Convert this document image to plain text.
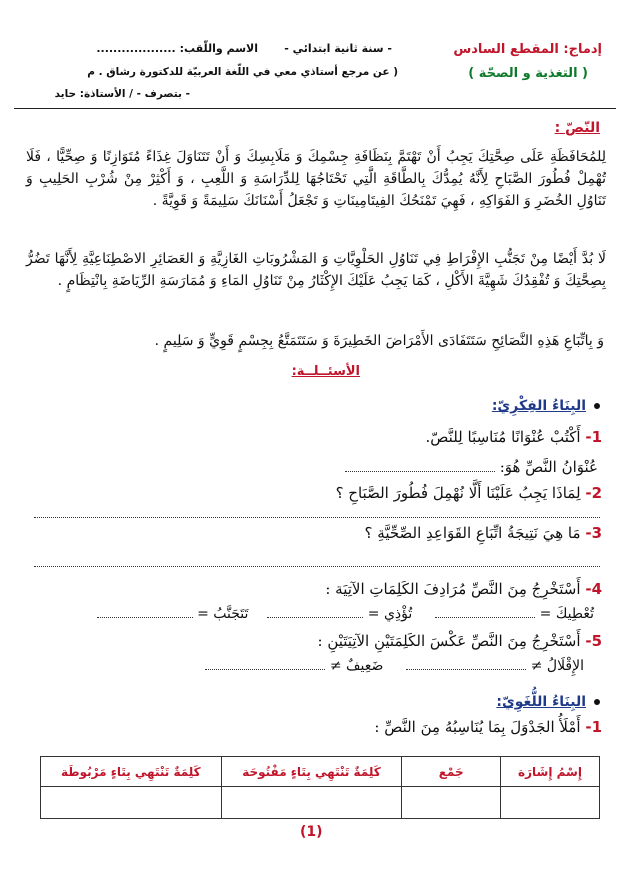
إدماج: المقطع السادس
( التغذية و الصحّة )
- سنة ثانية ابتدائي -
الاسم واللّقب: ...................
( عن مرجع أستاذي معي في اللّغة العربيّة للدكتورة رشاق . م
- بتصرف - / الأستاذة: حايد
النّصّ :
لِلمُحَافَظَةِ عَلَى صِحَّتِكَ يَجِبُ أَنْ تَهْتَمَّ بِنَظَافَةِ جِسْمِكَ وَ مَلَابِسِكَ وَ أَنْ تَتَنَاوَلَ غِذَاءً مُتَوَازِنًا وَ صِحِّيًّا ، فَلَا تُهْمِلْ فُطُورَ الصَّبَاحِ لِأَنَّهُ يُمِدُّكَ بِالطَّاقَةِ الَّتِي تَحْتَاجُهَا لِلدِّرَاسَةِ وَ اللَّعِبِ ، وَ أَكْثِرْ مِنْ شُرْبِ الحَلِيبِ وَ تَنَاوُلِ الخُضَرِ وَ الفَوَاكِهِ ، فَهِيَ تَمْنَحُكَ الفِيتَامِينَاتِ وَ تَجْعَلُ أَسْنَانَكَ سَلِيمَةً وَ قَوِيَّةً .
لَا بُدَّ أَيْضًا مِنْ تَجَنُّبِ الإِفْرَاطِ فِي تَنَاوُلِ الحَلْوِيَّاتِ وَ المَشْرُوبَاتِ الغَازِيَّةِ وَ العَصَائِرِ الاصْطِنَاعِيَّةِ لِأَنَّهَا تَضُرُّ بِصِحَّتِكَ وَ تُفْقِدُكَ شَهِيَّةَ الأَكْلِ ، كَمَا يَجِبُ عَلَيْكَ الإِكْثَارُ مِنْ تَنَاوُلِ المَاءِ وَ مُمَارَسَةِ الرِّيَاضَةِ بِانْتِظَامٍ .
وَ بِاتِّبَاعِ هَذِهِ النَّصَائِحِ سَتَتَفَادَى الأَمْرَاضَ الخَطِيرَةَ وَ سَتَتَمَتَّعُ بِجِسْمٍ قَوِيٍّ وَ سَلِيمٍ .
الأسئــلــة:
البِنَاءُ الفِكْرِيّ:
1- أَكْتُبْ عُنْوَانًا مُنَاسِبًا لِلنَّصّ.
عُنْوَانُ النَّصِّ هُوَ:
2- لِمَاذَا يَجِبُ عَلَيْنَا أَلَّا نُهْمِلَ فُطُورَ الصَّبَاحِ ؟
3- مَا هِيَ نَتِيجَةُ اتِّبَاعِ القَوَاعِدِ الصِّحِّيَّةِ ؟
4- أَسْتَخْرِجُ مِنَ النَّصِّ مُرَادِفَ الكَلِمَاتِ الآتِيَة :
تُعْطِيكَ =   تُؤْذِي =   تَتَجَنَّبُ =
5- أَسْتَخْرِجُ مِنَ النَّصِّ عَكْسَ الكَلِمَتَيْنِ الآتِيَتَيْنِ :
الإِقْلَالُ ≠   ضَعِيفٌ ≠
البِنَاءُ اللُّغَوِيّ:
1- أَمْلَأُ الجَدْوَلَ بِمَا يُنَاسِبُهُ مِنَ النَّصِّ :
إِسْمُ إِشَارَة	جَمْع	كَلِمَةٌ تَنْتَهِي بِتَاءٍ مَفْتُوحَة	كَلِمَةٌ تَنْتَهِي بِتَاءٍ مَرْبُوطَة

(1)
